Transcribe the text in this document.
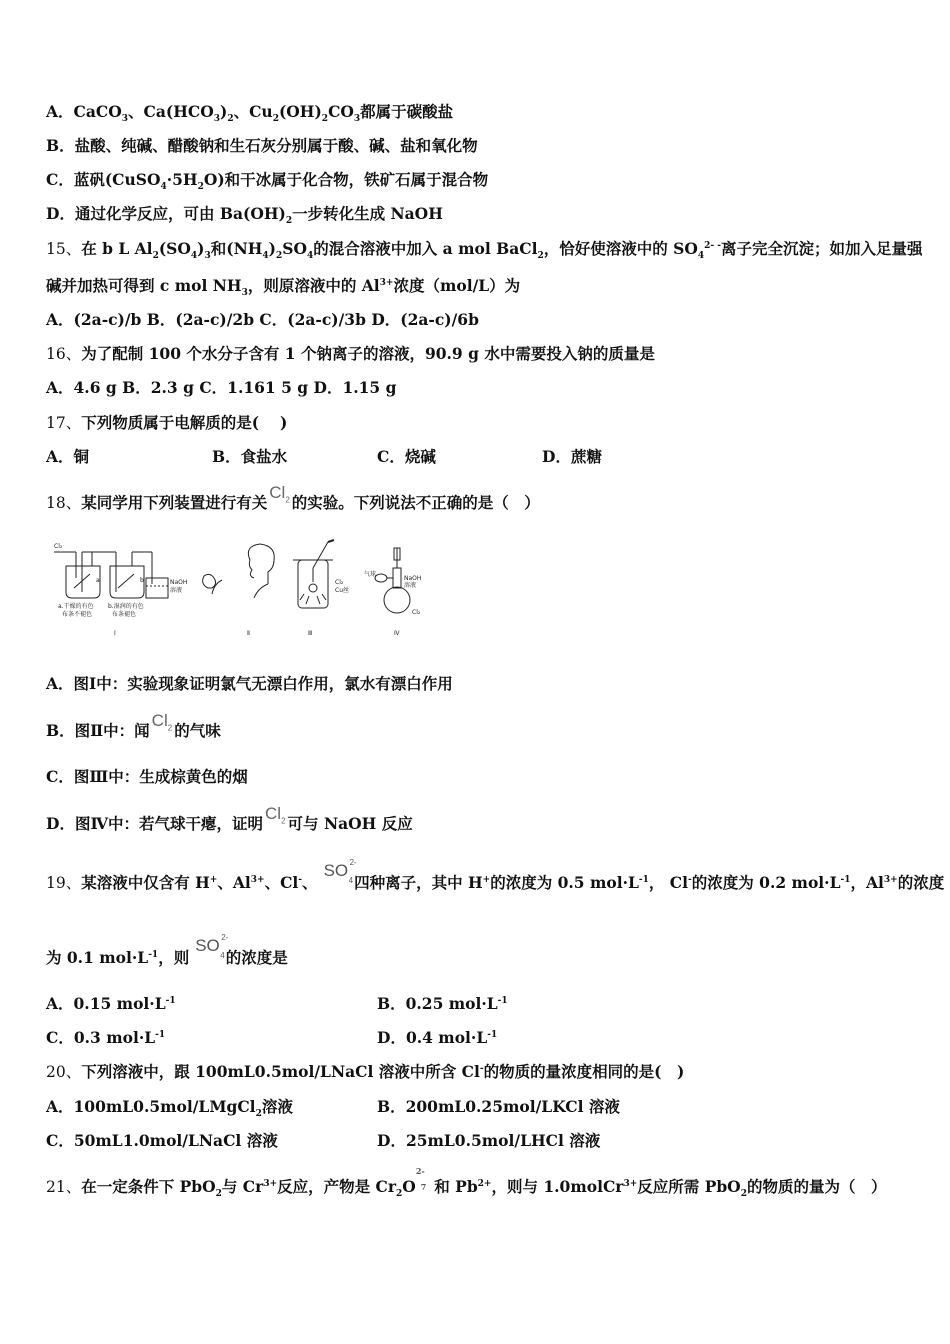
A．CaCO$_3$、$Ca(HCO_3)_2$、$Cu_2(OH)_2CO_3$都属于碳酸盐
B．盐酸、纯碱、醋酸钠和生石灰分别属于酸、碱、盐和氧化物
C．蓝矾$(CuSO_4\cdot 5H_2O)$和干冰属于化合物，铁矿石属于混合物
D．通过化学反应，可由 $Ba(OH)_2$一步转化生成 NaOH
15、在 b L $Al_2(SO_4)_3$和$(NH_4)_2SO_4$的混合溶液中加入 a mol BaCl$_2$，恰好使溶液中的 $SO_4^{2- -}$离子完全沉淀；如加入足量强
碱并加热可得到 c mol $NH_3$，则原溶液中的 $Al^{3+}$浓度（mol/L）为
A．(2a-c)/b B．(2a-c)/2b C．(2a-c)/3b D．(2a-c)/6b
16、为了配制 100 个水分子含有 1 个钠离子的溶液，90.9 g 水中需要投入钠的质量是
A．4.6 g B．2.3 g C．1.161 5 g D．1.15 g
17、下列物质属于电解质的是(　 )
A．铜	B．食盐水	C．烧碱	D．蔗糖
18、某同学用下列装置进行有关$Cl_2$ 的实验。下列说法不正确的是（　）
Cl₂
a	b	NaOH
溶液
a.干燥的有色
布条不褪色
b.湿润的有色
布条褪色
Cl₂
Cu丝
气球
NaOH
溶液
Cl₂
Ⅰ	Ⅱ	Ⅲ	Ⅳ
A．图Ⅰ中：实验现象证明氯气无漂白作用，氯水有漂白作用
B．图Ⅱ中：闻$Cl_2$ 的气味
C．图Ⅲ中：生成棕黄色的烟
D．图Ⅳ中：若气球干瘪，证明$Cl_2$ 可与 NaOH 反应
19、某溶液中仅含有 H+、$Al^{3+}$、Cl-、SO 2-
4 四种离子，其中 H+的浓度为 0.5 $mol\cdot L^{-1}$， Cl-的浓度为 0.2 $mol\cdot L^{-1}$，$Al^{3+}$的浓度
为 0.1 $mol\cdot L^{-1}$，则SO 2-
4 的浓度是
A．0.15 $mol\cdot L^{-1}$	B．0.25 $mol\cdot L^{-1}$
C．0.3 $mol\cdot L^{-1}$	D．0.4 $mol\cdot L^{-1}$
20、下列溶液中，跟 100mL0.5mol/LNaCl 溶液中所含 Cl-的物质的量浓度相同的是(　)
A．100mL0.5mol/LMgCl$_2$溶液	B．200mL0.25mol/LKCl 溶液
C．50mL1.0mol/LNaCl 溶液	D．25mL0.5mol/LHCl 溶液
21、在一定条件下 PbO$_2$与 $Cr^{3+}$反应，产物是 $Cr_2O^{2-}7$ 和 $Pb^{2+}$，则与 1.0molCr$^{3+}$反应所需 PbO$_2$的物质的量为（　）
